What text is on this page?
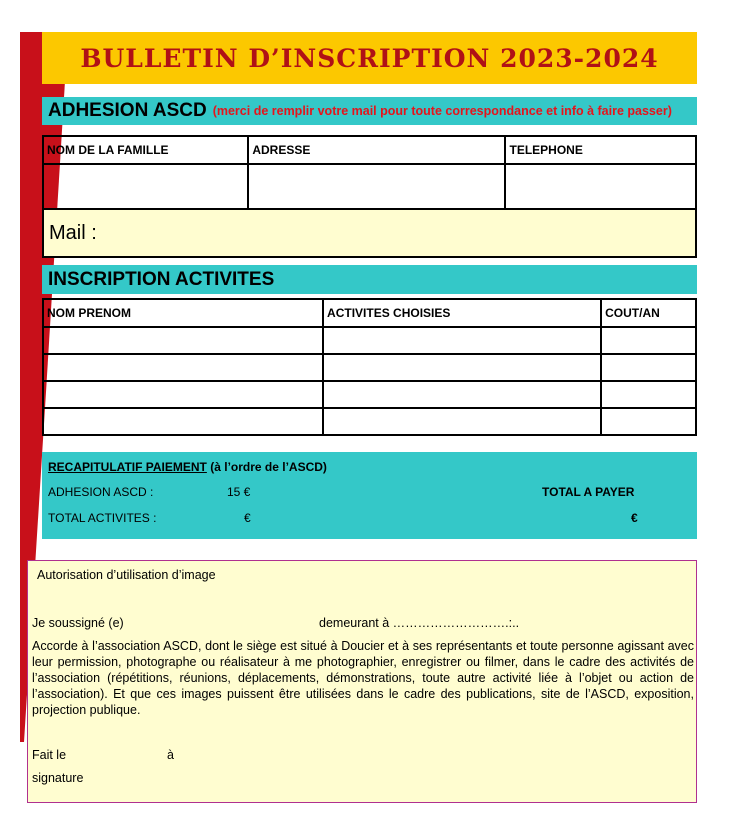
BULLETIN D’INSCRIPTION 2023-2024
ADHESION ASCD (merci de remplir votre mail pour toute correspondance et info à faire passer)
NOM DE LA FAMILLE	ADRESSE	TELEPHONE

Mail :
INSCRIPTION ACTIVITES
NOM PRENOM	ACTIVITES CHOISIES	COUT/AN

RECAPITULATIF PAIEMENT (à l’ordre de l’ASCD)
ADHESION ASCD :	15 €
TOTAL ACTIVITES :	€
TOTAL A PAYER
€
Autorisation d’utilisation d’image
Je soussigné (e)	demeurant à ……………………….:..

Accorde à l’association ASCD, dont le siège est situé à Doucier et à ses représentants et toute personne agissant avec leur permission, photographe ou réalisateur à me photographier, enregistrer ou filmer, dans le cadre des activités de l’association (répétitions, réunions, déplacements, démonstrations, toute autre activité liée à l’objet ou action de l’association). Et que ces images puissent être utilisées dans le cadre des publications, site de l’ASCD, exposition, projection publique.

Fait le	à
signature
